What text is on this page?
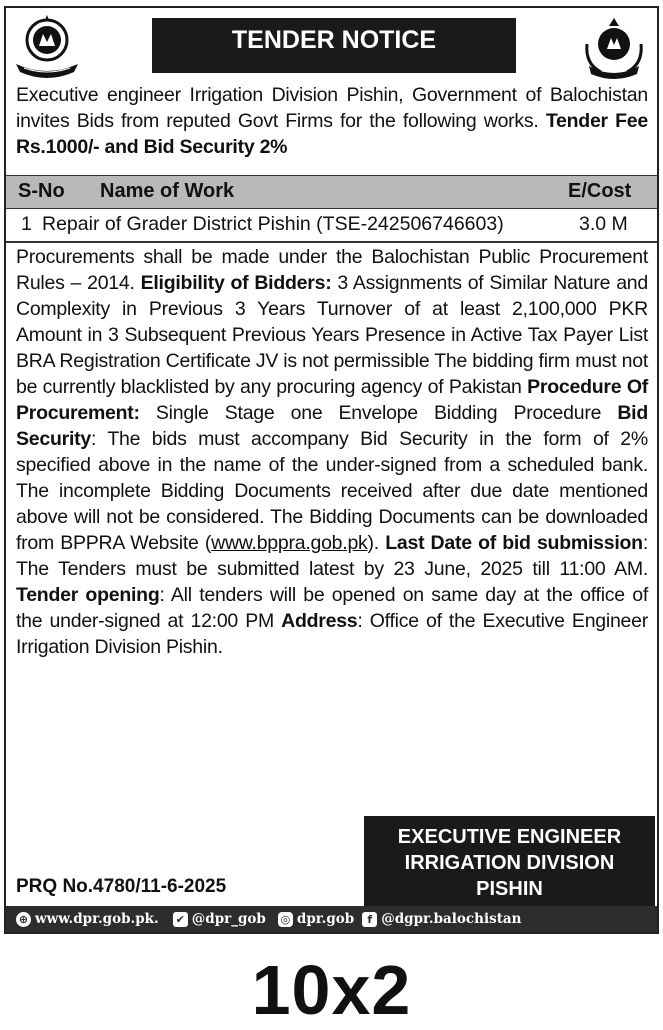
TENDER NOTICE
Executive engineer Irrigation Division Pishin, Government of Balochistan invites Bids from reputed Govt Firms for the following works. Tender Fee Rs.1000/- and Bid Security 2%
S-No Name of Work	E/Cost
1 Repair of Grader District Pishin (TSE-242506746603)	3.0 M
Procurements shall be made under the Balochistan Public Procurement Rules – 2014. Eligibility of Bidders: 3 Assignments of Similar Nature and Complexity in Previous 3 Years Turnover of at least 2,100,000 PKR Amount in 3 Subsequent Previous Years Presence in Active Tax Payer List BRA Registration Certificate JV is not permissible The bidding firm must not be currently blacklisted by any procuring agency of Pakistan Procedure Of Procurement: Single Stage one Envelope Bidding Procedure Bid Security: The bids must accompany Bid Security in the form of 2% specified above in the name of the under-signed from a scheduled bank. The incomplete Bidding Documents received after due date mentioned above will not be considered. The Bidding Documents can be downloaded from BPPRA Website (www.bppra.gob.pk). Last Date of bid submission: The Tenders must be submitted latest by 23 June, 2025 till 11:00 AM. Tender opening: All tenders will be opened on same day at the office of the under-signed at 12:00 PM Address: Office of the Executive Engineer Irrigation Division Pishin.
EXECUTIVE ENGINEER
IRRIGATION DIVISION
PISHIN
PRQ No.4780/11-6-2025
⊕ www.dpr.gob.pk. ✔ @dpr_gob ◎ dpr.gob	f @dgpr.balochistan
10x2
